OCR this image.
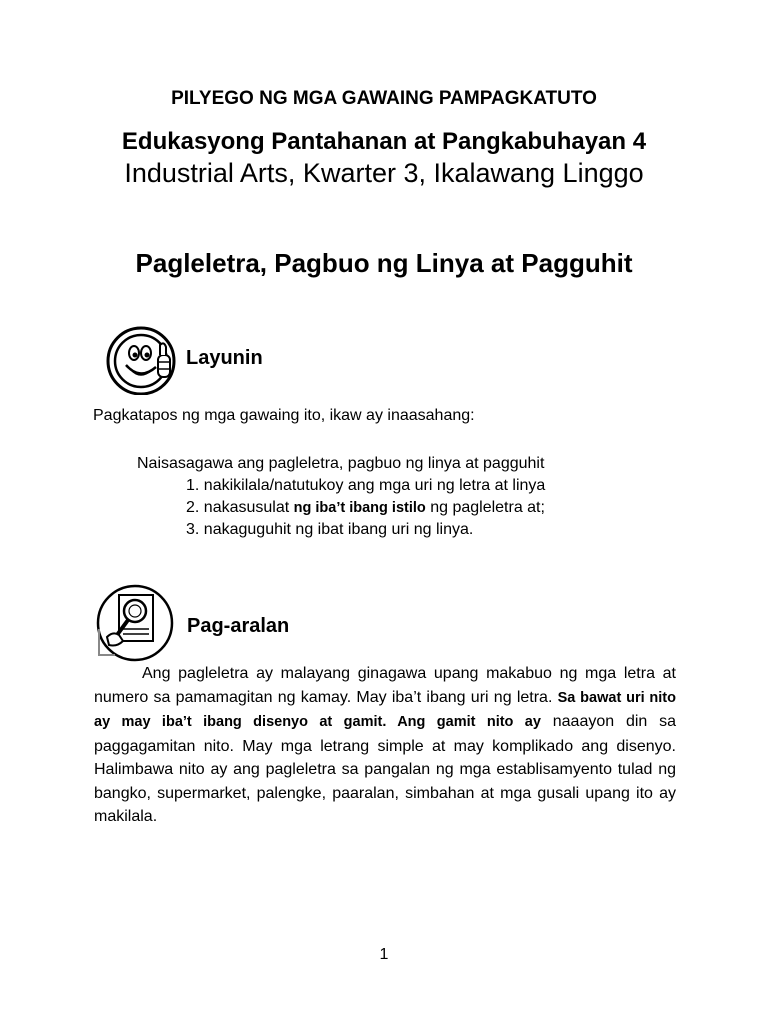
PILYEGO NG MGA GAWAING PAMPAGKATUTO
Edukasyong Pantahanan at Pangkabuhayan 4
Industrial Arts, Kwarter 3, Ikalawang Linggo
Pagleletra, Pagbuo ng Linya at Pagguhit
Layunin
Pagkatapos ng mga gawaing ito, ikaw ay inaasahang:
Naisasagawa ang pagleletra, pagbuo ng linya at pagguhit
1. nakikilala/natutukoy ang mga uri ng letra at linya
2. nakasusulat ng iba’t ibang istilo ng pagleletra at;
3. nakaguguhit ng ibat ibang uri ng linya.
Pag-aralan
Ang pagleletra ay malayang ginagawa upang makabuo ng mga letra at numero sa pamamagitan ng kamay. May iba’t ibang uri ng letra. Sa bawat uri nito ay may iba’t ibang disenyo at gamit. Ang gamit nito ay naaayon din sa paggagamitan nito. May mga letrang simple at may komplikado ang disenyo. Halimbawa nito ay ang pagleletra sa pangalan ng mga establisamyento tulad ng bangko, supermarket, palengke, paaralan, simbahan at mga gusali upang ito ay makilala.
1
